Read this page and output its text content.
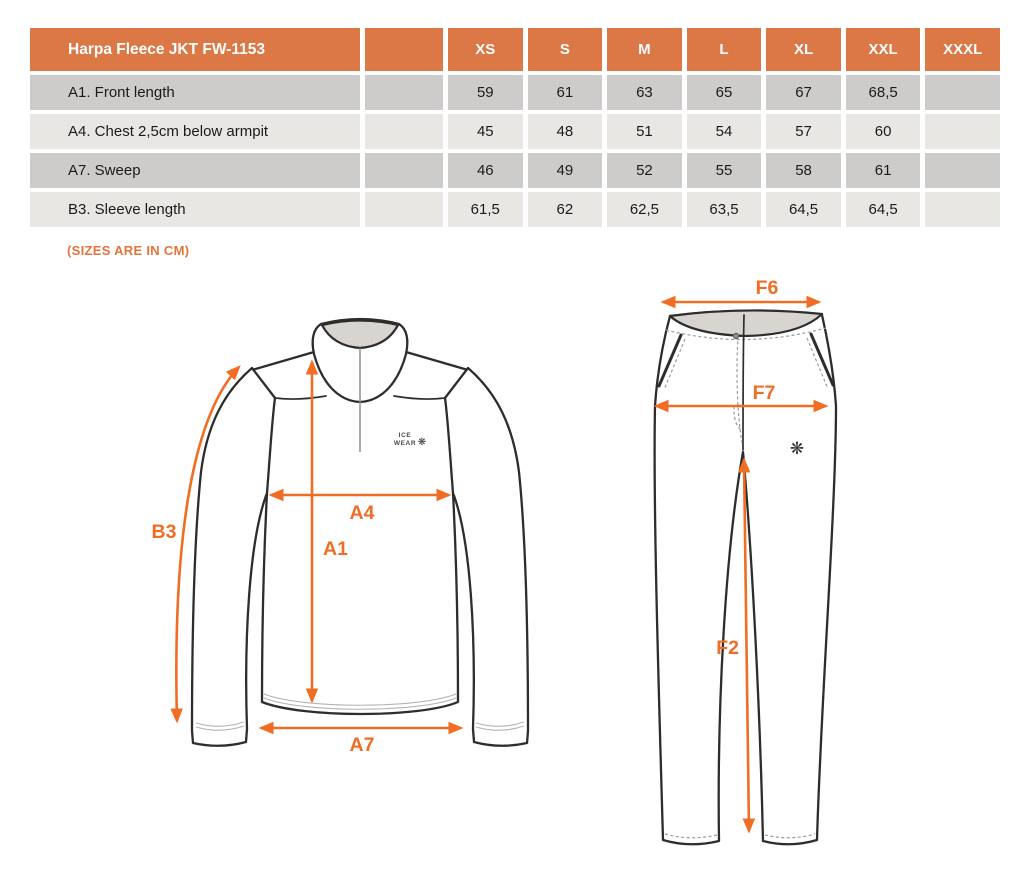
Harpa Fleece JKT FW-1153	XS	S	M	L	XL	XXL	XXXL
A1. Front length	59	61	63	65	67	68,5
A4. Chest 2,5cm below armpit	45	48	51	54	57	60
A7. Sweep	46	49	52	55	58	61
B3. Sleeve length	61,5	62	62,5	63,5	64,5	64,5
(SIZES ARE IN CM)
ICE
WEAR ❋
B3
A4
A1
A7
❋
F6
F7
F2
